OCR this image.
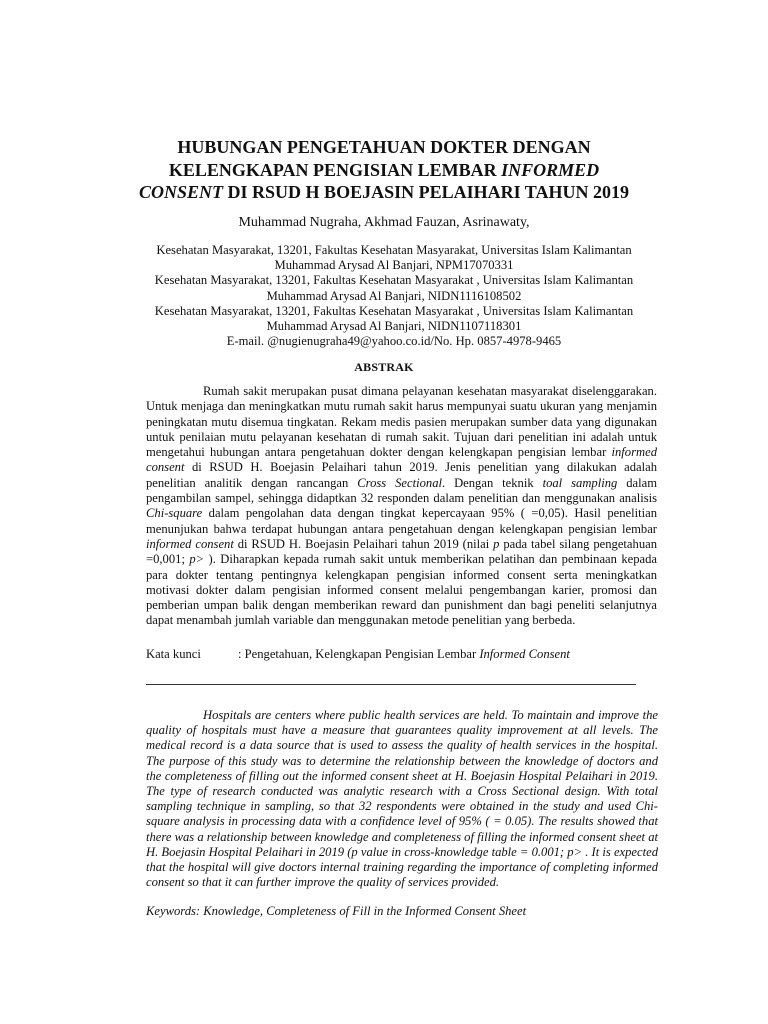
HUBUNGAN PENGETAHUAN DOKTER DENGAN
KELENGKAPAN PENGISIAN LEMBAR INFORMED
CONSENT DI RSUD H BOEJASIN PELAIHARI TAHUN 2019
Muhammad Nugraha, Akhmad Fauzan, Asrinawaty,
Kesehatan Masyarakat, 13201, Fakultas Kesehatan Masyarakat, Universitas Islam Kalimantan
Muhammad Arysad Al Banjari, NPM17070331
Kesehatan Masyarakat, 13201, Fakultas Kesehatan Masyarakat , Universitas Islam Kalimantan
Muhammad Arysad Al Banjari, NIDN1116108502
Kesehatan Masyarakat, 13201, Fakultas Kesehatan Masyarakat , Universitas Islam Kalimantan
Muhammad Arysad Al Banjari, NIDN1107118301
E-mail. @nugienugraha49@yahoo.co.id/No. Hp. 0857-4978-9465
ABSTRAK

Rumah sakit merupakan pusat dimana pelayanan kesehatan masyarakat diselenggarakan. Untuk menjaga dan meningkatkan mutu rumah sakit harus mempunyai suatu ukuran yang menjamin peningkatan mutu disemua tingkatan. Rekam medis pasien merupakan sumber data yang digunakan untuk penilaian mutu pelayanan kesehatan di rumah sakit. Tujuan dari penelitian ini adalah untuk mengetahui hubungan antara pengetahuan dokter dengan kelengkapan pengisian lembar informed consent di RSUD H. Boejasin Pelaihari tahun 2019. Jenis penelitian yang dilakukan adalah penelitian analitik dengan rancangan Cross Sectional. Dengan teknik toal sampling dalam pengambilan sampel, sehingga didaptkan 32 responden dalam penelitian dan menggunakan analisis Chi-square dalam pengolahan data dengan tingkat kepercayaan 95% ( =0,05). Hasil penelitian menunjukan bahwa terdapat hubungan antara pengetahuan dengan kelengkapan pengisian lembar informed consent di RSUD H. Boejasin Pelaihari tahun 2019 (nilai p pada tabel silang pengetahuan =0,001; p> ). Diharapkan kepada rumah sakit untuk memberikan pelatihan dan pembinaan kepada para dokter tentang pentingnya kelengkapan pengisian informed consent serta meningkatkan motivasi dokter dalam pengisian informed consent melalui pengembangan karier, promosi dan pemberian umpan balik dengan memberikan reward dan punishment dan bagi peneliti selanjutnya dapat menambah jumlah variable dan menggunakan metode penelitian yang berbeda.

Kata kunci	: Pengetahuan, Kelengkapan Pengisian Lembar Informed Consent
Hospitals are centers where public health services are held. To maintain and improve the quality of hospitals must have a measure that guarantees quality improvement at all levels. The medical record is a data source that is used to assess the quality of health services in the hospital. The purpose of this study was to determine the relationship between the knowledge of doctors and the completeness of filling out the informed consent sheet at H. Boejasin Hospital Pelaihari in 2019. The type of research conducted was analytic research with a Cross Sectional design. With total sampling technique in sampling, so that 32 respondents were obtained in the study and used Chi-square analysis in processing data with a confidence level of 95% ( = 0.05). The results showed that there was a relationship between knowledge and completeness of filling the informed consent sheet at H. Boejasin Hospital Pelaihari in 2019 (p value in cross-knowledge table = 0.001; p> . It is expected that the hospital will give doctors internal training regarding the importance of completing informed consent so that it can further improve the quality of services provided.
Keywords: Knowledge, Completeness of Fill in the Informed Consent Sheet
